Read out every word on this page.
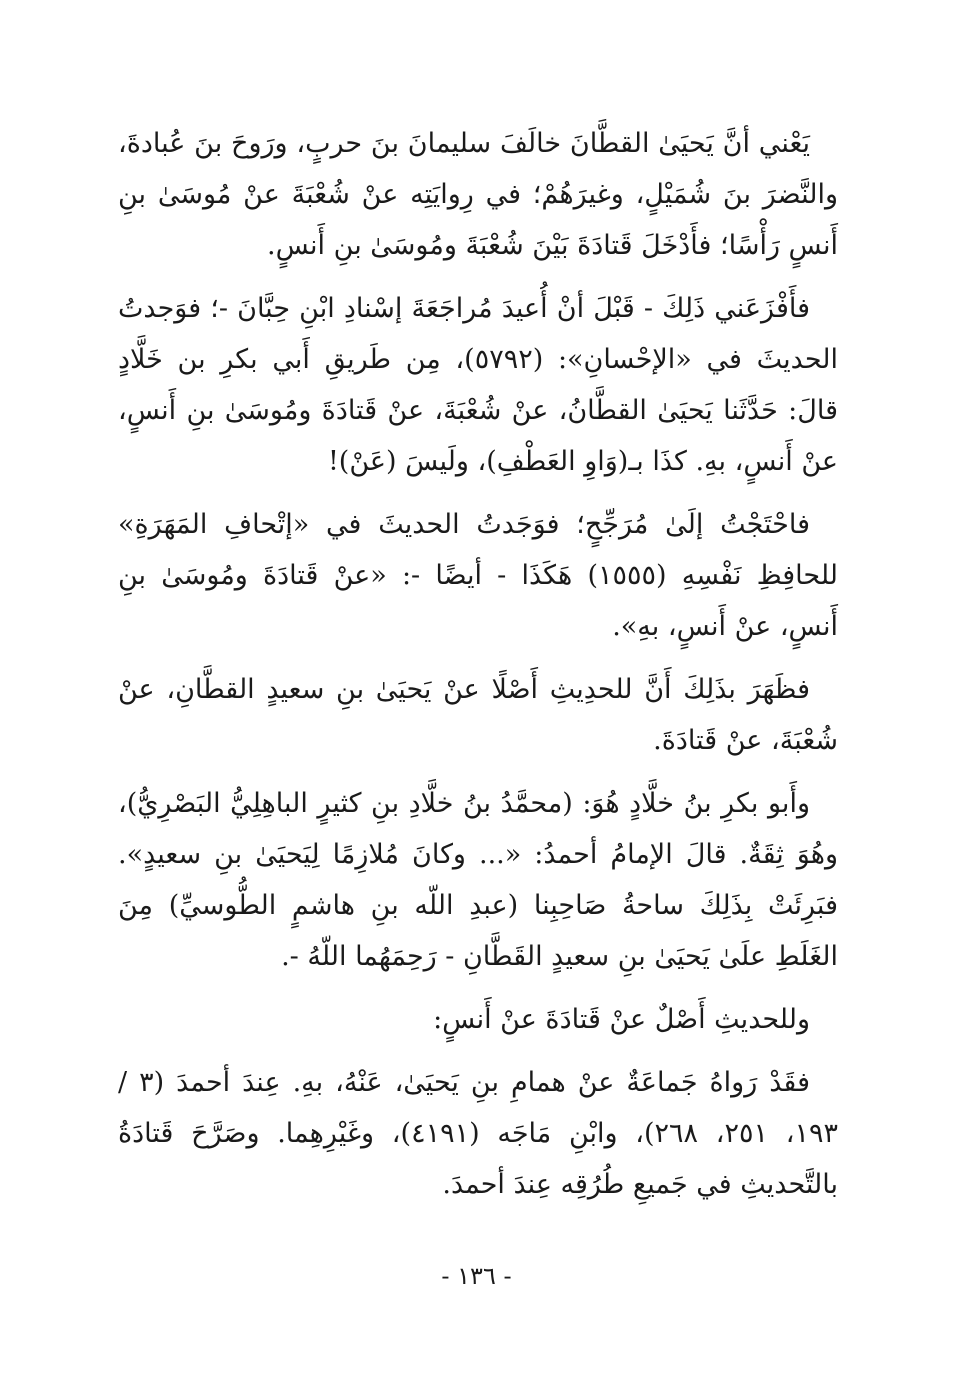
يَعْني أنَّ يَحيَىٰ القطَّانَ خالَفَ سليمانَ بنَ حربٍ، ورَوحَ بنَ عُبادةَ، والنَّضرَ بنَ شُمَيْلٍ، وغيرَهُمْ؛ في رِوايَتِه عنْ شُعْبَةَ عنْ مُوسَىٰ بنِ أَنسٍ رَأْسًا؛ فأَدْخَلَ قَتادَةَ بَيْنَ شُعْبَةَ ومُوسَىٰ بنِ أَنسٍ.

فأَفْزَعَني ذَلِكَ - قَبْلَ أنْ أُعيدَ مُراجَعَةَ إسْنادِ ابْنِ حِبَّانَ -؛ فوَجدتُ الحديثَ في «الإحْسانِ»: (٥٧٩٢)، مِن طَريقِ أَبي بكرِ بن خَلَّادٍ قالَ: حَدَّثَنا يَحيَىٰ القطَّانُ، عنْ شُعْبَةَ، عنْ قَتادَةَ ومُوسَىٰ بنِ أَنسٍ، عنْ أَنسٍ، بهِ. كذَا بـ(وَاوِ العَطْفِ)، ولَيسَ (عَنْ)!

فاحْتَجْتُ إلَىٰ مُرَجِّحٍ؛ فوَجَدتُ الحديثَ في «إتْحافِ المَهَرَةِ» للحافِظِ نَفْسِهِ (١٥٥٥) هَكَذَا - أيضًا -: «عنْ قَتادَةَ ومُوسَىٰ بنِ أَنسٍ، عنْ أَنسٍ، بهِ».

فظَهَرَ بذَلِكَ أَنَّ للحدِيثِ أَصْلًا عنْ يَحيَىٰ بنِ سعيدٍ القطَّانِ، عنْ شُعْبَةَ، عنْ قَتادَةَ.

وأَبو بكرِ بنُ خلَّادٍ هُوَ: (محمَّدُ بنُ خلَّادِ بنِ كثيرٍ الباهِلِيُّ البَصْرِيُّ)، وهُوَ ثِقَةٌ. قالَ الإمامُ أحمدُ: «... وكانَ مُلازِمًا لِيَحيَىٰ بنِ سعيدٍ». فبَرِئَتْ بِذَلِكَ ساحةُ صَاحِبِنا (عبدِ اللّه بنِ هاشمٍ الطُّوسيِّ) مِنَ الغَلَطِ علَىٰ يَحيَىٰ بنِ سعيدٍ القَطَّانِ - رَحِمَهُما اللّهُ -.

وللحديثِ أَصْلٌ عنْ قَتادَةَ عنْ أَنسٍ:

فقَدْ رَواهُ جَماعَةٌ عنْ همامِ بنِ يَحيَىٰ، عَنْهُ، بهِ. عِندَ أحمدَ (٣ / ١٩٣، ٢٥١، ٢٦٨)، وابْنِ مَاجَه (٤١٩١)، وغَيْرِهِما. وصَرَّحَ قَتادَةُ بالتَّحديثِ في جَميعِ طُرُقِه عِندَ أحمدَ.

- ١٣٦ -
